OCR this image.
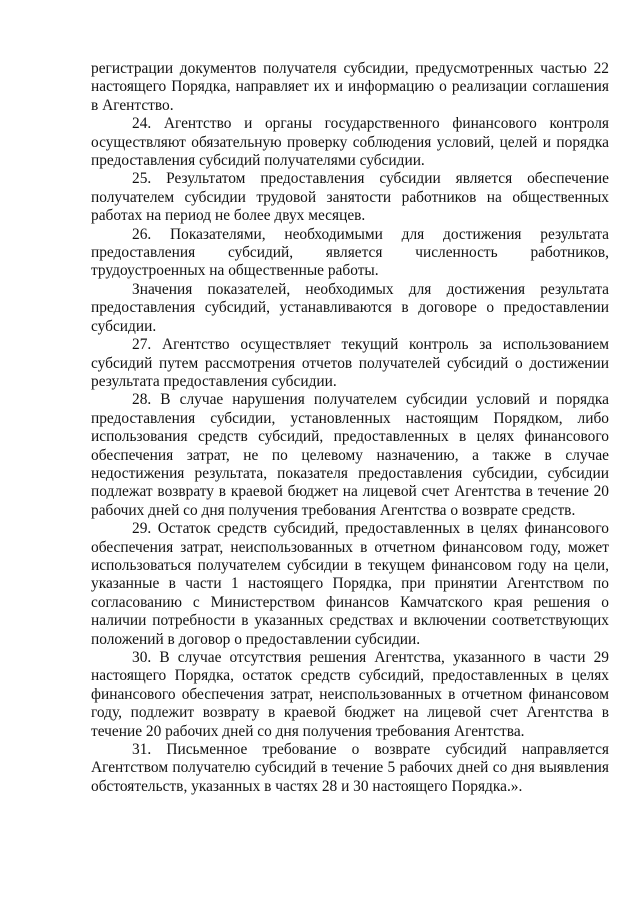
регистрации документов получателя субсидии, предусмотренных частью 22 настоящего Порядка, направляет их и информацию о реализации соглашения в Агентство.

24. Агентство и органы государственного финансового контроля осуществляют обязательную проверку соблюдения условий, целей и порядка предоставления субсидий получателями субсидии.

25. Результатом предоставления субсидии является обеспечение получателем субсидии трудовой занятости работников на общественных работах на период не более двух месяцев.

26. Показателями, необходимыми для достижения результата предоставления субсидий, является численность работников, трудоустроенных на общественные работы.

Значения показателей, необходимых для достижения результата предоставления субсидий, устанавливаются в договоре о предоставлении субсидии.

27. Агентство осуществляет текущий контроль за использованием субсидий путем рассмотрения отчетов получателей субсидий о достижении результата предоставления субсидии.

28. В случае нарушения получателем субсидии условий и порядка предоставления субсидии, установленных настоящим Порядком, либо использования средств субсидий, предоставленных в целях финансового обеспечения затрат, не по целевому назначению, а также в случае недостижения результата, показателя предоставления субсидии, субсидии подлежат возврату в краевой бюджет на лицевой счет Агентства в течение 20 рабочих дней со дня получения требования Агентства о возврате средств.

29. Остаток средств субсидий, предоставленных в целях финансового обеспечения затрат, неиспользованных в отчетном финансовом году, может использоваться получателем субсидии в текущем финансовом году на цели, указанные в части 1 настоящего Порядка, при принятии Агентством по согласованию с Министерством финансов Камчатского края решения о наличии потребности в указанных средствах и включении соответствующих положений в договор о предоставлении субсидии.

30. В случае отсутствия решения Агентства, указанного в части 29 настоящего Порядка, остаток средств субсидий, предоставленных в целях финансового обеспечения затрат, неиспользованных в отчетном финансовом году, подлежит возврату в краевой бюджет на лицевой счет Агентства в течение 20 рабочих дней со дня получения требования Агентства.

31. Письменное требование о возврате субсидий направляется Агентством получателю субсидий в течение 5 рабочих дней со дня выявления обстоятельств, указанных в частях 28 и 30 настоящего Порядка.».
